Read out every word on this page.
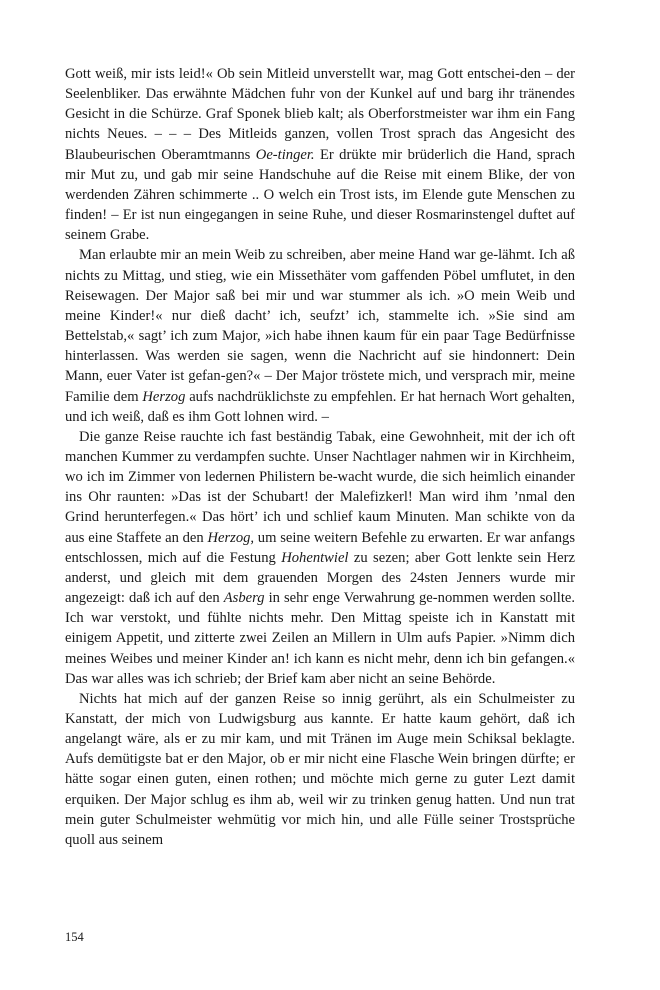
Gott weiß, mir ists leid!« Ob sein Mitleid unverstellt war, mag Gott entschei-den – der Seelenbliker. Das erwähnte Mädchen fuhr von der Kunkel auf und barg ihr tränendes Gesicht in die Schürze. Graf Sponek blieb kalt; als Oberforstmeister war ihm ein Fang nichts Neues. – – – Des Mitleids ganzen, vollen Trost sprach das Angesicht des Blaubeurischen Oberamtmanns Oe-tinger. Er drükte mir brüderlich die Hand, sprach mir Mut zu, und gab mir seine Handschuhe auf die Reise mit einem Blike, der von werdenden Zähren schimmerte .. O welch ein Trost ists, im Elende gute Menschen zu finden! – Er ist nun eingegangen in seine Ruhe, und dieser Rosmarinstengel duftet auf seinem Grabe.

Man erlaubte mir an mein Weib zu schreiben, aber meine Hand war ge-lähmt. Ich aß nichts zu Mittag, und stieg, wie ein Missethäter vom gaffenden Pöbel umflutet, in den Reisewagen. Der Major saß bei mir und war stummer als ich. »O mein Weib und meine Kinder!« nur dieß dacht’ ich, seufzt’ ich, stammelte ich. »Sie sind am Bettelstab,« sagt’ ich zum Major, »ich habe ihnen kaum für ein paar Tage Bedürfnisse hinterlassen. Was werden sie sagen, wenn die Nachricht auf sie hindonnert: Dein Mann, euer Vater ist gefan-gen?« – Der Major tröstete mich, und versprach mir, meine Familie dem Herzog aufs nachdrüklichste zu empfehlen. Er hat hernach Wort gehalten, und ich weiß, daß es ihm Gott lohnen wird. –

Die ganze Reise rauchte ich fast beständig Tabak, eine Gewohnheit, mit der ich oft manchen Kummer zu verdampfen suchte. Unser Nachtlager nahmen wir in Kirchheim, wo ich im Zimmer von ledernen Philistern be-wacht wurde, die sich heimlich einander ins Ohr raunten: »Das ist der Schubart! der Malefizkerl! Man wird ihm ’nmal den Grind herunterfegen.« Das hört’ ich und schlief kaum Minuten. Man schikte von da aus eine Staffete an den Herzog, um seine weitern Befehle zu erwarten. Er war anfangs entschlossen, mich auf die Festung Hohentwiel zu sezen; aber Gott lenkte sein Herz anderst, und gleich mit dem grauenden Morgen des 24sten Jenners wurde mir angezeigt: daß ich auf den Asberg in sehr enge Verwahrung ge-nommen werden sollte. Ich war verstokt, und fühlte nichts mehr. Den Mittag speiste ich in Kanstatt mit einigem Appetit, und zitterte zwei Zeilen an Millern in Ulm aufs Papier. »Nimm dich meines Weibes und meiner Kinder an! ich kann es nicht mehr, denn ich bin gefangen.« Das war alles was ich schrieb; der Brief kam aber nicht an seine Behörde.

Nichts hat mich auf der ganzen Reise so innig gerührt, als ein Schulmeister zu Kanstatt, der mich von Ludwigsburg aus kannte. Er hatte kaum gehört, daß ich angelangt wäre, als er zu mir kam, und mit Tränen im Auge mein Schiksal beklagte. Aufs demütigste bat er den Major, ob er mir nicht eine Flasche Wein bringen dürfte; er hätte sogar einen guten, einen rothen; und möchte mich gerne zu guter Lezt damit erquiken. Der Major schlug es ihm ab, weil wir zu trinken genug hatten. Und nun trat mein guter Schulmeister wehmütig vor mich hin, und alle Fülle seiner Trostsprüche quoll aus seinem

154
